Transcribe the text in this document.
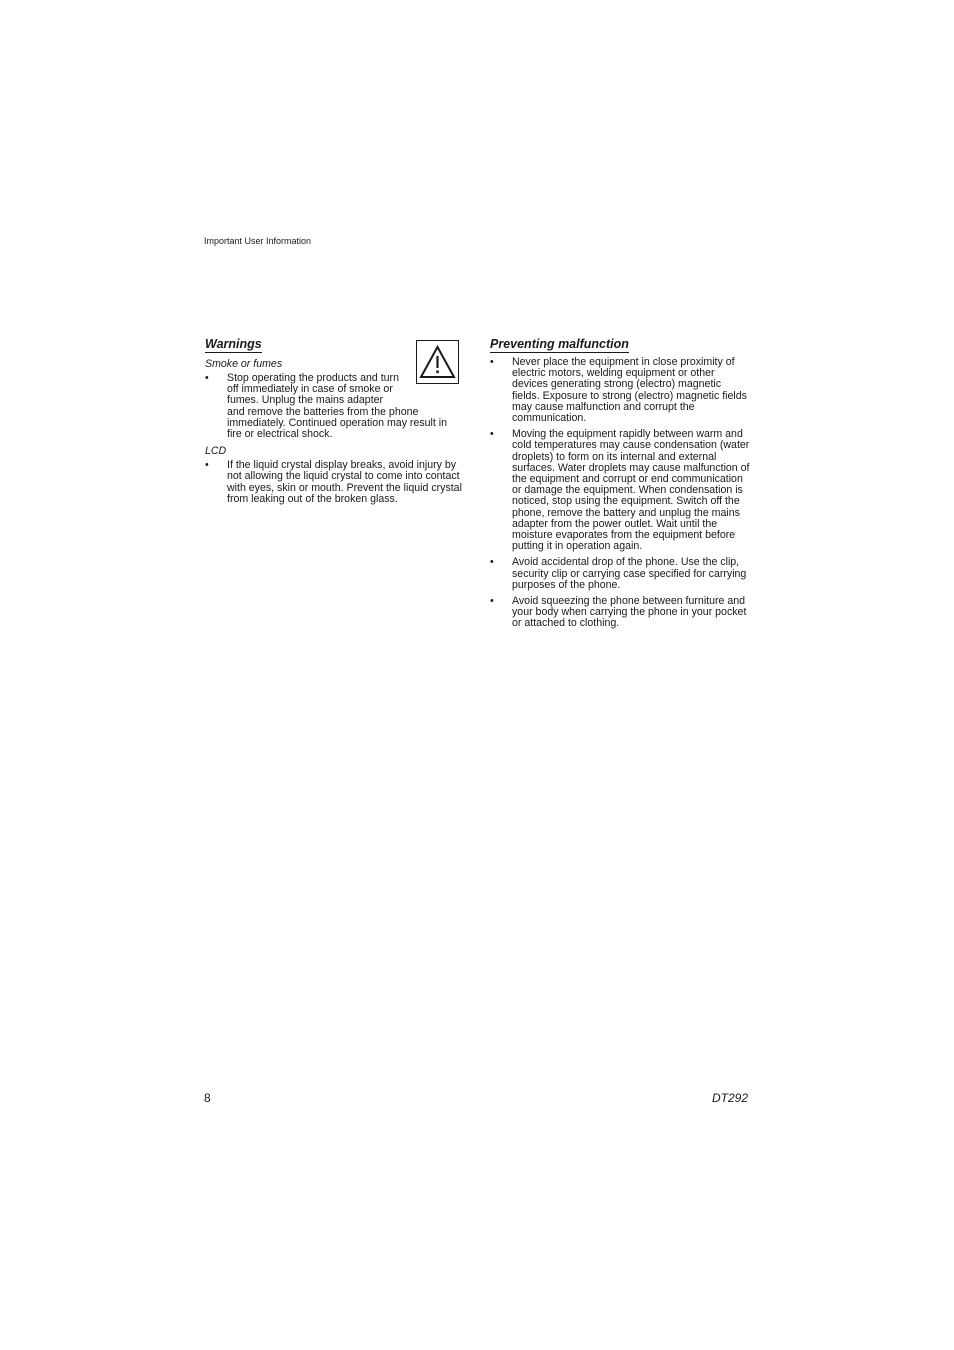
Important User Information
Warnings
Smoke or fumes
• Stop operating the products and turn
off immediately in case of smoke or
fumes. Unplug the mains adapter
and remove the batteries from the phone
immediately. Continued operation may result in
fire or electrical shock.
LCD
• If the liquid crystal display breaks, avoid injury by not allowing the liquid crystal to come into contact with eyes, skin or mouth. Prevent the liquid crystal from leaking out of the broken glass.
Preventing malfunction
• Never place the equipment in close proximity of electric motors, welding equipment or other devices generating strong (electro) magnetic fields. Exposure to strong (electro) magnetic fields may cause malfunction and corrupt the communication.
• Moving the equipment rapidly between warm and cold temperatures may cause condensation (water droplets) to form on its internal and external surfaces. Water droplets may cause malfunction of the equipment and corrupt or end communication or damage the equipment. When condensation is noticed, stop using the equipment. Switch off the phone, remove the battery and unplug the mains adapter from the power outlet. Wait until the moisture evaporates from the equipment before putting it in operation again.
• Avoid accidental drop of the phone. Use the clip, security clip or carrying case specified for carrying purposes of the phone.
• Avoid squeezing the phone between furniture and your body when carrying the phone in your pocket or attached to clothing.
8	DT292
